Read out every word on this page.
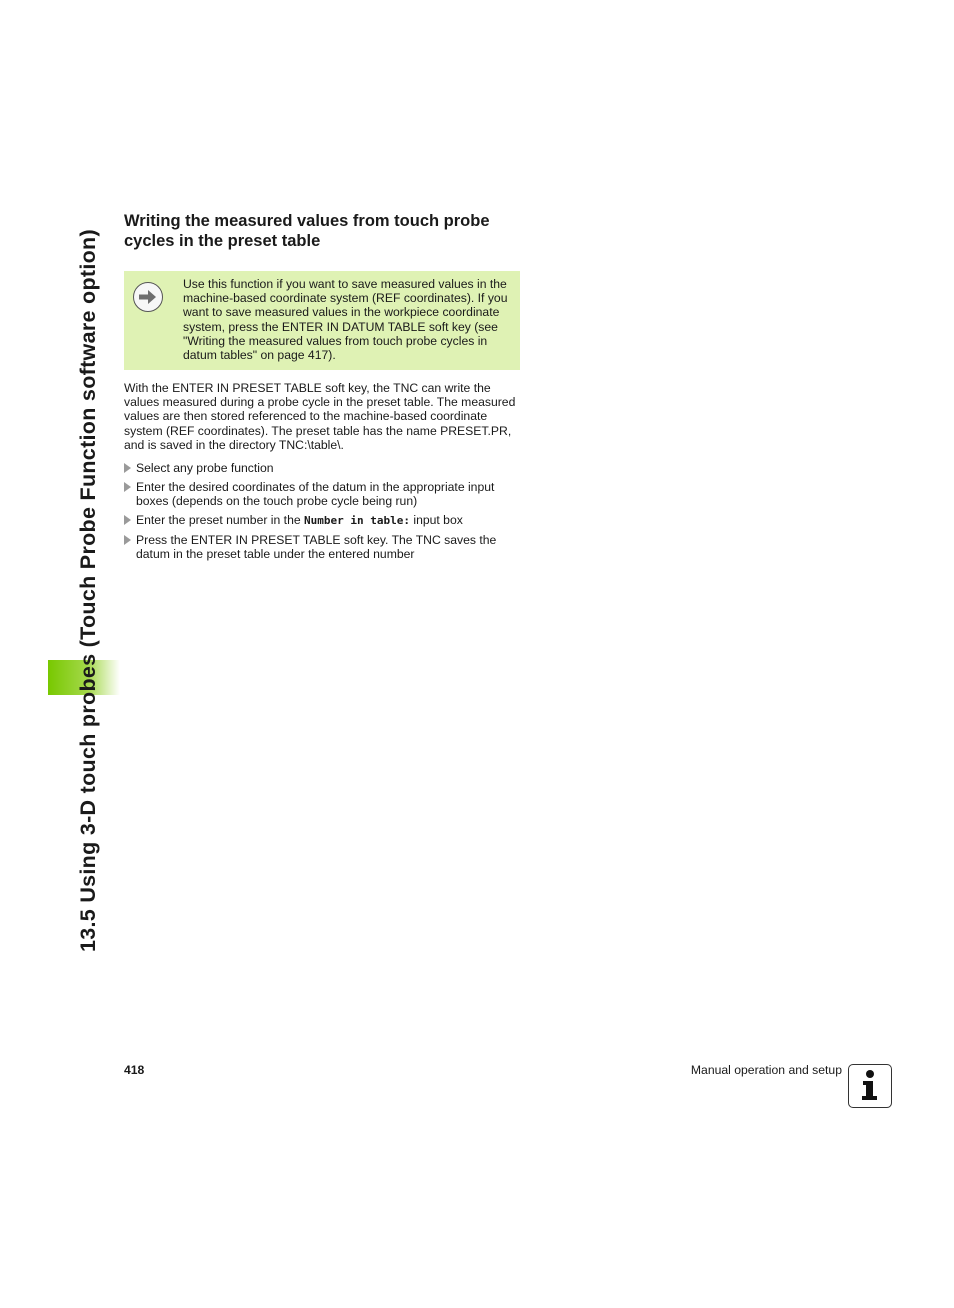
13.5 Using 3-D touch probes (Touch Probe Function software option)
Writing the measured values from touch probe cycles in the preset table

Use this function if you want to save measured values in the machine-based coordinate system (REF coordinates). If you want to save measured values in the workpiece coordinate system, press the ENTER IN DATUM TABLE soft key (see "Writing the measured values from touch probe cycles in datum tables" on page 417).

With the ENTER IN PRESET TABLE soft key, the TNC can write the values measured during a probe cycle in the preset table. The measured values are then stored referenced to the machine-based coordinate system (REF coordinates). The preset table has the name PRESET.PR, and is saved in the directory TNC:\table\.

Select any probe function
Enter the desired coordinates of the datum in the appropriate input boxes (depends on the touch probe cycle being run)
Enter the preset number in the Number in table: input box
Press the ENTER IN PRESET TABLE soft key. The TNC saves the datum in the preset table under the entered number
418	Manual operation and setup
